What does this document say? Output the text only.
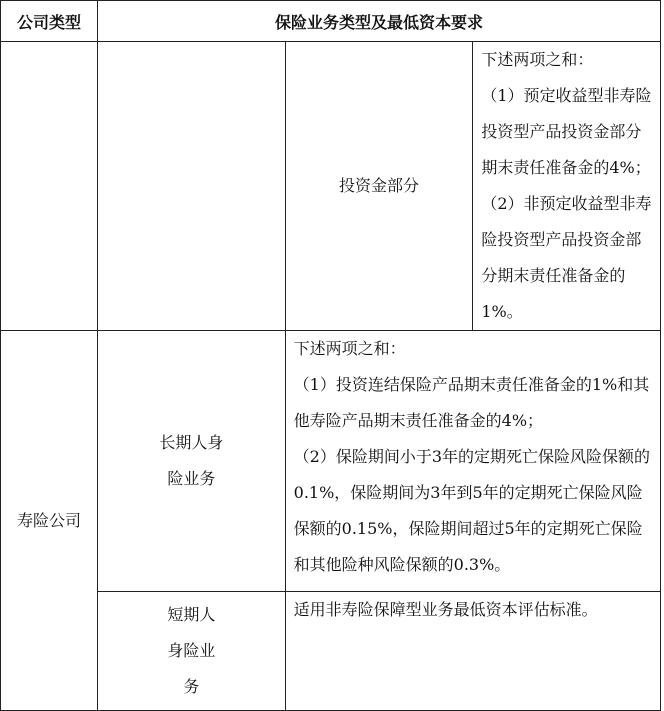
公司类型	保险业务类型及最低资本要求		
		投资金部分	下述两项之和：

（1）预定收益型非寿险投资型产品投资金部分期末责任准备金的4%；

（2）非预定收益型非寿险投资型产品投资金部分期末责任准备金的1%。

寿险公司	长期人身险业务	下述两项之和：

（1）投资连结保险产品期末责任准备金的1%和其他寿险产品期末责任准备金的4%；

（2）保险期间小于3年的定期死亡保险风险保额的0.1%，保险期间为3年到5年的定期死亡保险风险保额的0.15%，保险期间超过5年的定期死亡保险和其他险种风险保额的0.3%。	

	短期人身险业务	适用非寿险保障型业务最低资本评估标准。	
